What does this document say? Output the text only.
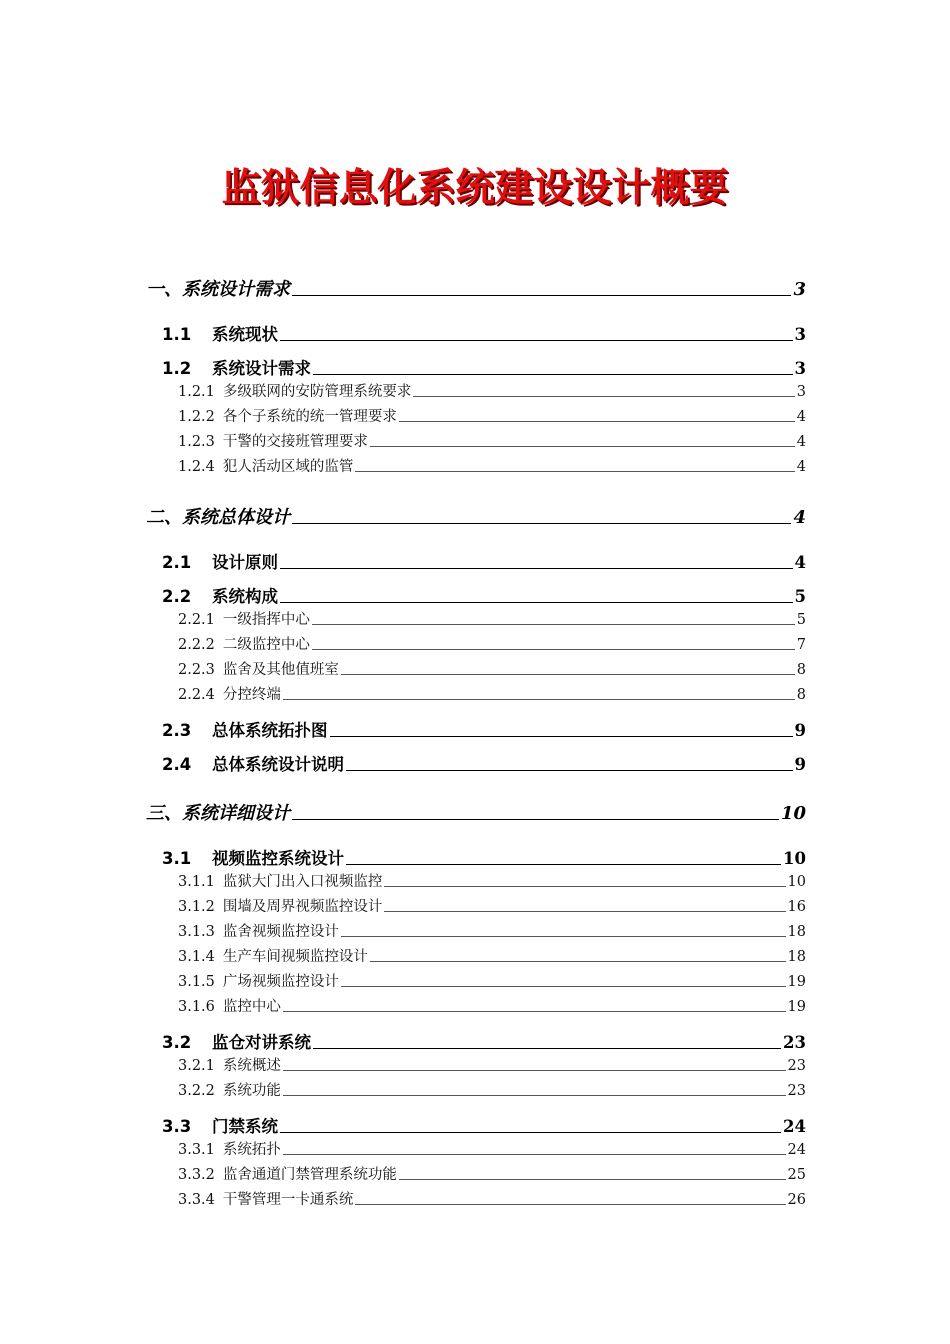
监狱信息化系统建设设计概要
一、系统设计需求	3
1.1	系统现状	3
1.2	系统设计需求	3
1.2.1 多级联网的安防管理系统要求	3
1.2.2 各个子系统的统一管理要求	4
1.2.3 干警的交接班管理要求	4
1.2.4 犯人活动区域的监管	4
二、系统总体设计	4
2.1	设计原则	4
2.2	系统构成	5
2.2.1 一级指挥中心	5
2.2.2 二级监控中心	7
2.2.3 监舍及其他值班室	8
2.2.4 分控终端	8
2.3	总体系统拓扑图	9
2.4	总体系统设计说明	9
三、系统详细设计	10
3.1	视频监控系统设计	10
3.1.1 监狱大门出入口视频监控	10
3.1.2 围墙及周界视频监控设计	16
3.1.3 监舍视频监控设计	18
3.1.4 生产车间视频监控设计	18
3.1.5 广场视频监控设计	19
3.1.6 监控中心	19
3.2	监仓对讲系统	23
3.2.1 系统概述	23
3.2.2 系统功能	23
3.3	门禁系统	24
3.3.1 系统拓扑	24
3.3.2 监舍通道门禁管理系统功能	25
3.3.4 干警管理一卡通系统	26
